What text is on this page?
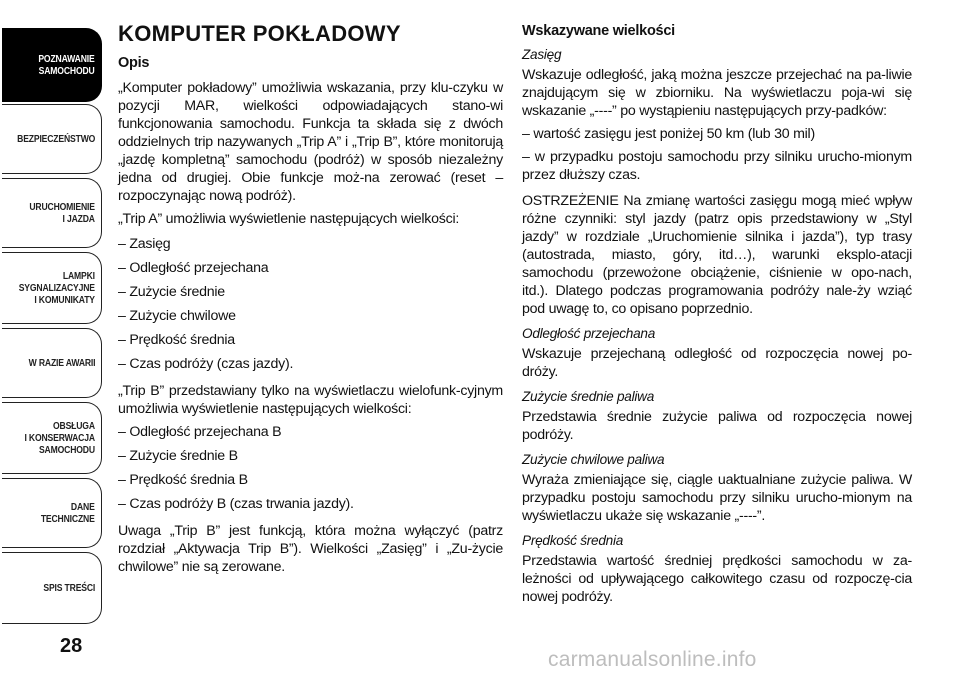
POZNAWANIE
SAMOCHODU
BEZPIECZEŃSTWO
URUCHOMIENIE
I JAZDA
LAMPKI
SYGNALIZACYJNE
I KOMUNIKATY
W RAZIE AWARII
OBSŁUGA
I KONSERWACJA
SAMOCHODU
DANE
TECHNICZNE
SPIS TREŚCI
28
KOMPUTER POKŁADOWY
Opis

„Komputer pokładowy” umożliwia wskazania, przy klu-czyku w pozycji MAR, wielkości odpowiadających stano-wi funkcjonowania samochodu. Funkcja ta składa się z dwóch oddzielnych trip nazywanych „Trip A” i „Trip B”, które monitorują „jazdę kompletną” samochodu (podróż) w sposób niezależny jedna od drugiej. Obie funkcje moż-na zerować (reset – rozpoczynając nową podróż).

„Trip A” umożliwia wyświetlenie następujących wielkości:

– Zasięg

– Odległość przejechana

– Zużycie średnie

– Zużycie chwilowe

– Prędkość średnia

– Czas podróży (czas jazdy).

„Trip B” przedstawiany tylko na wyświetlaczu wielofunk-cyjnym umożliwia wyświetlenie następujących wielkości:

– Odległość przejechana B

– Zużycie średnie B

– Prędkość średnia B

– Czas podróży B (czas trwania jazdy).

Uwaga „Trip B” jest funkcją, która można wyłączyć (patrz rozdział „Aktywacja Trip B”). Wielkości „Zasięg” i „Zu-życie chwilowe” nie są zerowane.

Wskazywane wielkości

Zasięg

Wskazuje odległość, jaką można jeszcze przejechać na pa-liwie znajdującym się w zbiorniku. Na wyświetlaczu poja-wi się wskazanie „----” po wystąpieniu następujących przy-padków:

– wartość zasięgu jest poniżej 50 km (lub 30 mil)

– w przypadku postoju samochodu przy silniku urucho-mionym przez dłuższy czas.

OSTRZEŻENIE Na zmianę wartości zasięgu mogą mieć wpływ różne czynniki: styl jazdy (patrz opis przedstawiony w „Styl jazdy” w rozdziale „Uruchomienie silnika i jazda”), typ trasy (autostrada, miasto, góry, itd…), warunki eksplo-atacji samochodu (przewożone obciążenie, ciśnienie w opo-nach, itd.). Dlatego podczas programowania podróży nale-ży wziąć pod uwagę to, co opisano poprzednio.

Odległość przejechana

Wskazuje przejechaną odległość od rozpoczęcia nowej po-dróży.

Zużycie średnie paliwa

Przedstawia średnie zużycie paliwa od rozpoczęcia nowej podróży.

Zużycie chwilowe paliwa

Wyraża zmieniające się, ciągle uaktualniane zużycie paliwa. W przypadku postoju samochodu przy silniku urucho-mionym na wyświetlaczu ukaże się wskazanie „----”.

Prędkość średnia

Przedstawia wartość średniej prędkości samochodu w za-leżności od upływającego całkowitego czasu od rozpoczę-cia nowej podróży.

carmanualsonline.info
